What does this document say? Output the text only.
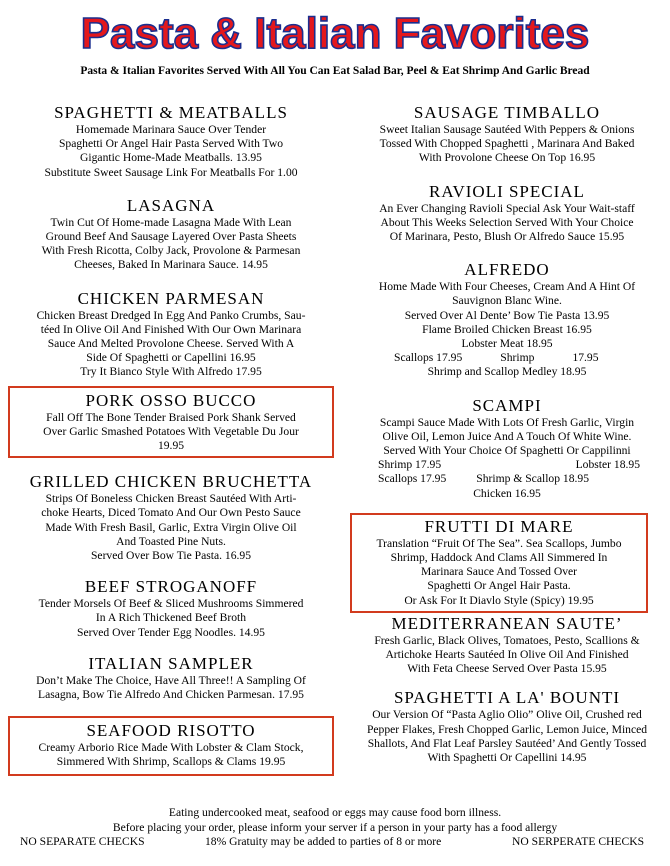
Pasta & Italian Favorites
Pasta & Italian Favorites Served With All You Can Eat Salad Bar, Peel & Eat Shrimp And Garlic Bread
SPAGHETTI & MEATBALLS

Homemade Marinara Sauce Over Tender

Spaghetti Or Angel Hair Pasta Served With Two

Gigantic Home-Made Meatballs. 13.95

Substitute Sweet Sausage Link For Meatballs For 1.00

LASAGNA

Twin Cut Of Home-made Lasagna Made With Lean

Ground Beef And Sausage Layered Over Pasta Sheets

With Fresh Ricotta, Colby Jack, Provolone & Parmesan

Cheeses, Baked In Marinara Sauce. 14.95

CHICKEN PARMESAN

Chicken Breast Dredged In Egg And Panko Crumbs, Sau-

téed In Olive Oil And Finished With Our Own Marinara

Sauce And Melted Provolone Cheese. Served With A

Side Of Spaghetti or Capellini 16.95

Try It Bianco Style With Alfredo 17.95

PORK OSSO BUCCO

Fall Off The Bone Tender Braised Pork Shank Served

Over Garlic Smashed Potatoes With Vegetable Du Jour

19.95

GRILLED CHICKEN BRUCHETTA

Strips Of Boneless Chicken Breast Sautéed With Arti-

choke Hearts, Diced Tomato And Our Own Pesto Sauce

Made With Fresh Basil, Garlic, Extra Virgin Olive Oil

And Toasted Pine Nuts.

Served Over Bow Tie Pasta. 16.95

BEEF STROGANOFF

Tender Morsels Of Beef & Sliced Mushrooms Simmered

In A Rich Thickened Beef Broth

Served Over Tender Egg Noodles. 14.95

ITALIAN SAMPLER

Don’t Make The Choice, Have All Three!! A Sampling Of

Lasagna, Bow Tie Alfredo And Chicken Parmesan. 17.95

SEAFOOD RISOTTO

Creamy Arborio Rice Made With Lobster & Clam Stock,

Simmered With Shrimp, Scallops & Clams 19.95

SAUSAGE TIMBALLO

Sweet Italian Sausage Sautéed With Peppers & Onions

Tossed With Chopped Spaghetti , Marinara And Baked

With Provolone Cheese On Top 16.95

RAVIOLI SPECIAL

An Ever Changing Ravioli Special Ask Your Wait-staff

About This Weeks Selection Served With Your Choice

Of Marinara, Pesto, Blush Or Alfredo Sauce 15.95

ALFREDO

Home Made With Four Cheeses, Cream And A Hint Of

Sauvignon Blanc Wine.

Served Over Al Dente’ Bow Tie Pasta 13.95

Flame Broiled Chicken Breast 16.95

Lobster Meat 18.95

Scallops 17.95	Shrimp	17.95

Shrimp and Scallop Medley 18.95

SCAMPI

Scampi Sauce Made With Lots Of Fresh Garlic, Virgin

Olive Oil, Lemon Juice And A Touch Of White Wine.

Served With Your Choice Of Spaghetti Or Cappilinni

Shrimp 17.95	Lobster 18.95

Scallops 17.95	Shrimp & Scallop 18.95

Chicken 16.95

FRUTTI DI MARE

Translation “Fruit Of The Sea”. Sea Scallops, Jumbo

Shrimp, Haddock And Clams All Simmered In

Marinara Sauce And Tossed Over

Spaghetti Or Angel Hair Pasta.

Or Ask For It Diavlo Style (Spicy) 19.95

MEDITERRANEAN SAUTE’

Fresh Garlic, Black Olives, Tomatoes, Pesto, Scallions &

Artichoke Hearts Sautéed In Olive Oil And Finished

With Feta Cheese Served Over Pasta 15.95

SPAGHETTI A LA' BOUNTI

Our Version Of “Pasta Aglio Olio” Olive Oil, Crushed red

Pepper Flakes, Fresh Chopped Garlic, Lemon Juice, Minced

Shallots, And Flat Leaf Parsley Sautéed’ And Gently Tossed

With Spaghetti Or Capellini 14.95

Eating undercooked meat, seafood or eggs may cause food born illness.
Before placing your order, please inform your server if a person in your party has a food allergy
NO SEPARATE CHECKS	18% Gratuity may be added to parties of 8 or more	NO SERPERATE CHECKS
